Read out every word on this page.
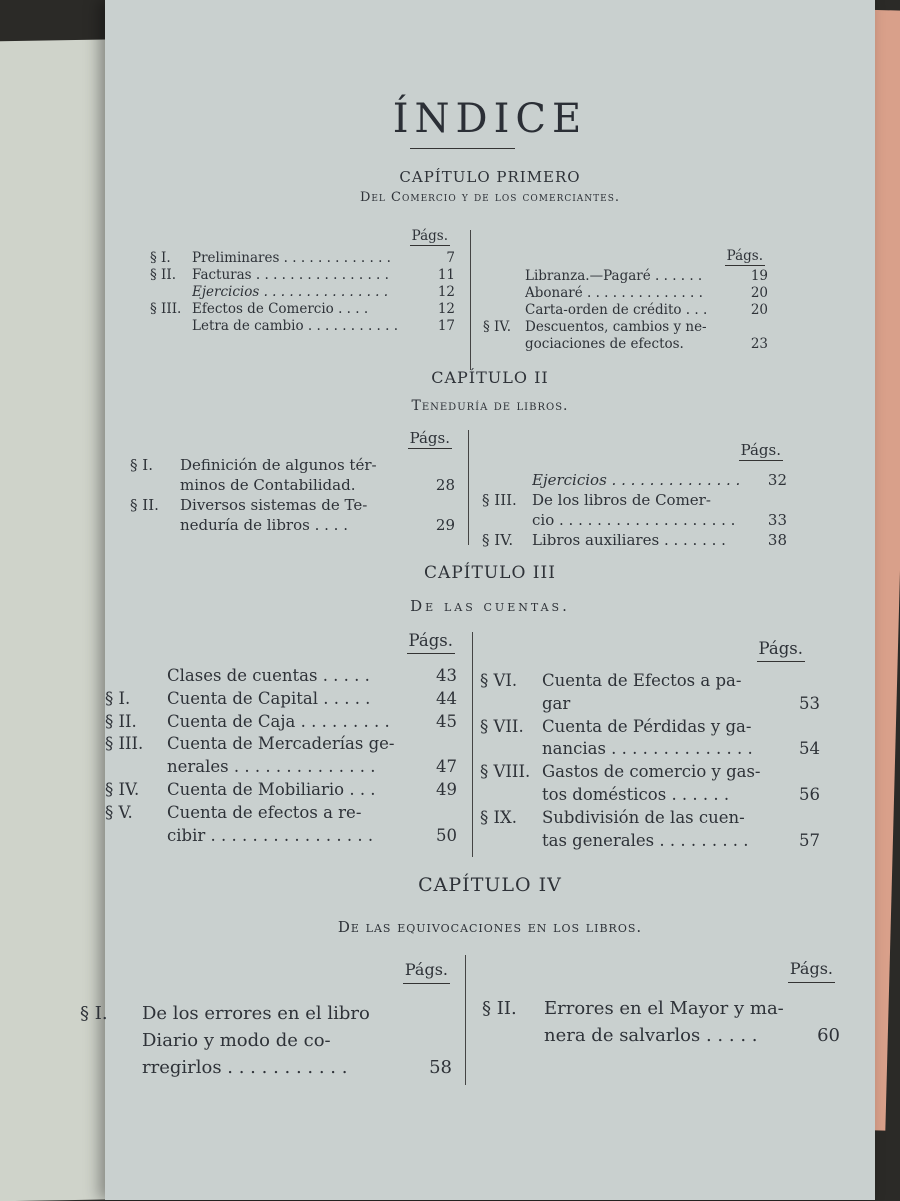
ÍNDICE
CAPÍTULO PRIMERO
Del Comercio y de los comerciantes.
Págs.
Págs.
§ I.	Preliminares . . . . . . . . . . . . .	7
§ II.	Facturas . . . . . . . . . . . . . . . .	11
Ejercicios . . . . . . . . . . . . . . .	12
§ III. Efectos de Comercio . . . .	12
Letra de cambio . . . . . . . . . . .	17
Libranza.—Pagaré . . . . . .	19
Abonaré . . . . . . . . . . . . . .	20
Carta-orden de crédito . . .	20
§ IV.	Descuentos, cambios y ne-
gociaciones de efectos.	23
CAPÍTULO II
Teneduría de libros.
Págs.
Págs.
§ I.	Definición de algunos tér-
minos de Contabilidad.	28
§ II.	Diversos sistemas de Te-
neduría de libros . . . .	29
Ejercicios . . . . . . . . . . . . . .	32
§ III.	De los libros de Comer-
cio . . . . . . . . . . . . . . . . . . .	33
§ IV.	Libros auxiliares . . . . . . .	38
CAPÍTULO III
De las cuentas.
Págs.	Págs.
Clases de cuentas . . . . .	43
§ I.	Cuenta de Capital . . . . .	44
§ II.	Cuenta de Caja . . . . . . . . .	45
§ III.	Cuenta de Mercaderías ge-
nerales . . . . . . . . . . . . . .	47
§ IV.	Cuenta de Mobiliario . . .	49
§ V.	Cuenta de efectos a re-
cibir . . . . . . . . . . . . . . . .	50
§ VI.	Cuenta de Efectos a pa-
gar	53
§ VII.	Cuenta de Pérdidas y ga-
nancias . . . . . . . . . . . . . .	54
§ VIII. Gastos de comercio y gas-
tos domésticos . . . . . .	56
§ IX.	Subdivisión de las cuen-
tas generales . . . . . . . . .	57
CAPÍTULO IV
De las equivocaciones en los libros.
Págs.	Págs.
§ I.	De los errores en el libro
Diario y modo de co-
rregirlos . . . . . . . . . . .	58
§ II.	Errores en el Mayor y ma-
nera de salvarlos . . . . .	60
